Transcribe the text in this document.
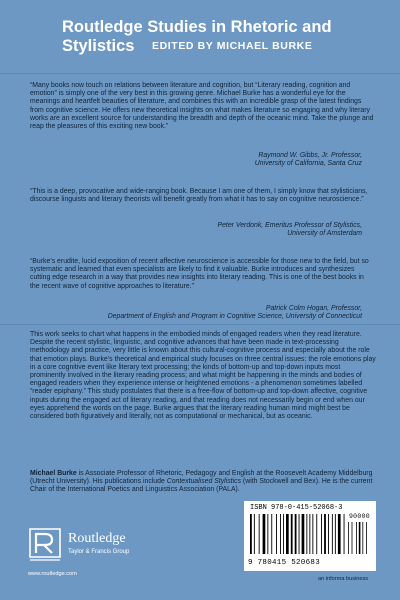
Routledge Studies in Rhetoric and Stylistics	EDITED BY MICHAEL BURKE
“Many books now touch on relations between literature and cognition, but “Literary reading, cognition and emotion” is simply one of the very best in this growing genre. Michael Burke has a wonderful eye for the meanings and heartfelt beauties of literature, and combines this with an incredible grasp of the latest findings from cognitive science. He offers new theoretical insights on what makes literature so engaging and why literary works are an excellent source for understanding the breadth and depth of the oceanic mind. Take the plunge and reap the pleasures of this exciting new book.”
Raymond W. Gibbs, Jr. Professor,
University of California, Santa Cruz
“This is a deep, provocative and wide-ranging book. Because I am one of them, I simply know that stylisticians, discourse linguists and literary theorists will benefit greatly from what it has to say on cognitive neuroscience.”
Peter Verdonk, Emeritus Professor of Stylistics,
University of Amsterdam
“Burke’s erudite, lucid exposition of recent affective neuroscience is accessible for those new to the field, but so systematic and learned that even specialists are likely to find it valuable. Burke introduces and synthesizes cutting edge research in a way that provides new insights into literary reading. This is one of the best books in the recent wave of cognitive approaches to literature.”
Patrick Colm Hogan, Professor,
Department of English and Program in Cognitive Science, University of Connecticut
This work seeks to chart what happens in the embodied minds of engaged readers when they read literature. Despite the recent stylistic, linguistic, and cognitive advances that have been made in text-processing methodology and practice, very little is known about this cultural-cognitive process and especially about the role that emotion plays. Burke’s theoretical and empirical study focuses on three central issues: the role emotions play in a core cognitive event like literary text processing; the kinds of bottom-up and top-down inputs most prominently involved in the literary reading process; and what might be happening in the minds and bodies of engaged readers when they experience intense or heightened emotions - a phenomenon sometimes labelled “reader epiphany.” This study postulates that there is a free-flow of bottom-up and top-down affective, cognitive inputs during the engaged act of literary reading, and that reading does not necessarily begin or end when our eyes apprehend the words on the page. Burke argues that the literary reading human mind might best be considered both figuratively and literally, not as computational or mechanical, but as oceanic.
Michael Burke is Associate Professor of Rhetoric, Pedagogy and English at the Roosevelt Academy Middelburg (Utrecht University). His publications include Contextualised Stylistics (with Stockwell and Bex). He is the current Chair of the International Poetics and Linguistics Association (PALA).
Routledge
Taylor & Francis Group
www.routledge.com
ISBN 978-0-415-52068-3
9 780415 520683
90000
an informa business
